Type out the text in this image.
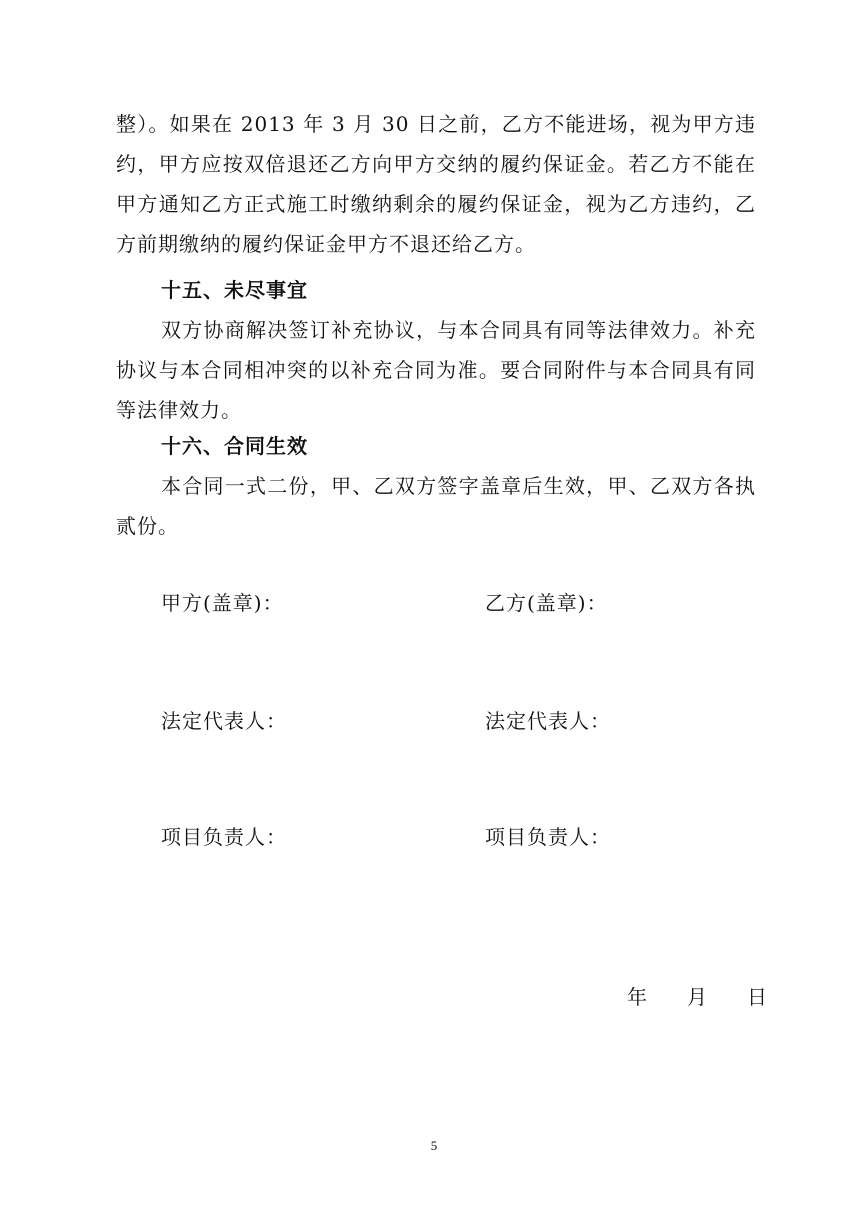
整）。如果在 2013 年 3 月 30 日之前，乙方不能进场，视为甲方违约，甲方应按双倍退还乙方向甲方交纳的履约保证金。若乙方不能在甲方通知乙方正式施工时缴纳剩余的履约保证金，视为乙方违约，乙方前期缴纳的履约保证金甲方不退还给乙方。
十五、未尽事宜
双方协商解决签订补充协议，与本合同具有同等法律效力。补充协议与本合同相冲突的以补充合同为准。要合同附件与本合同具有同等法律效力。
十六、合同生效
本合同一式二份，甲、乙双方签字盖章后生效，甲、乙双方各执贰份。
甲方(盖章)：	乙方(盖章)：
法定代表人：	法定代表人：
项目负责人：	项目负责人：
年 月 日
5
